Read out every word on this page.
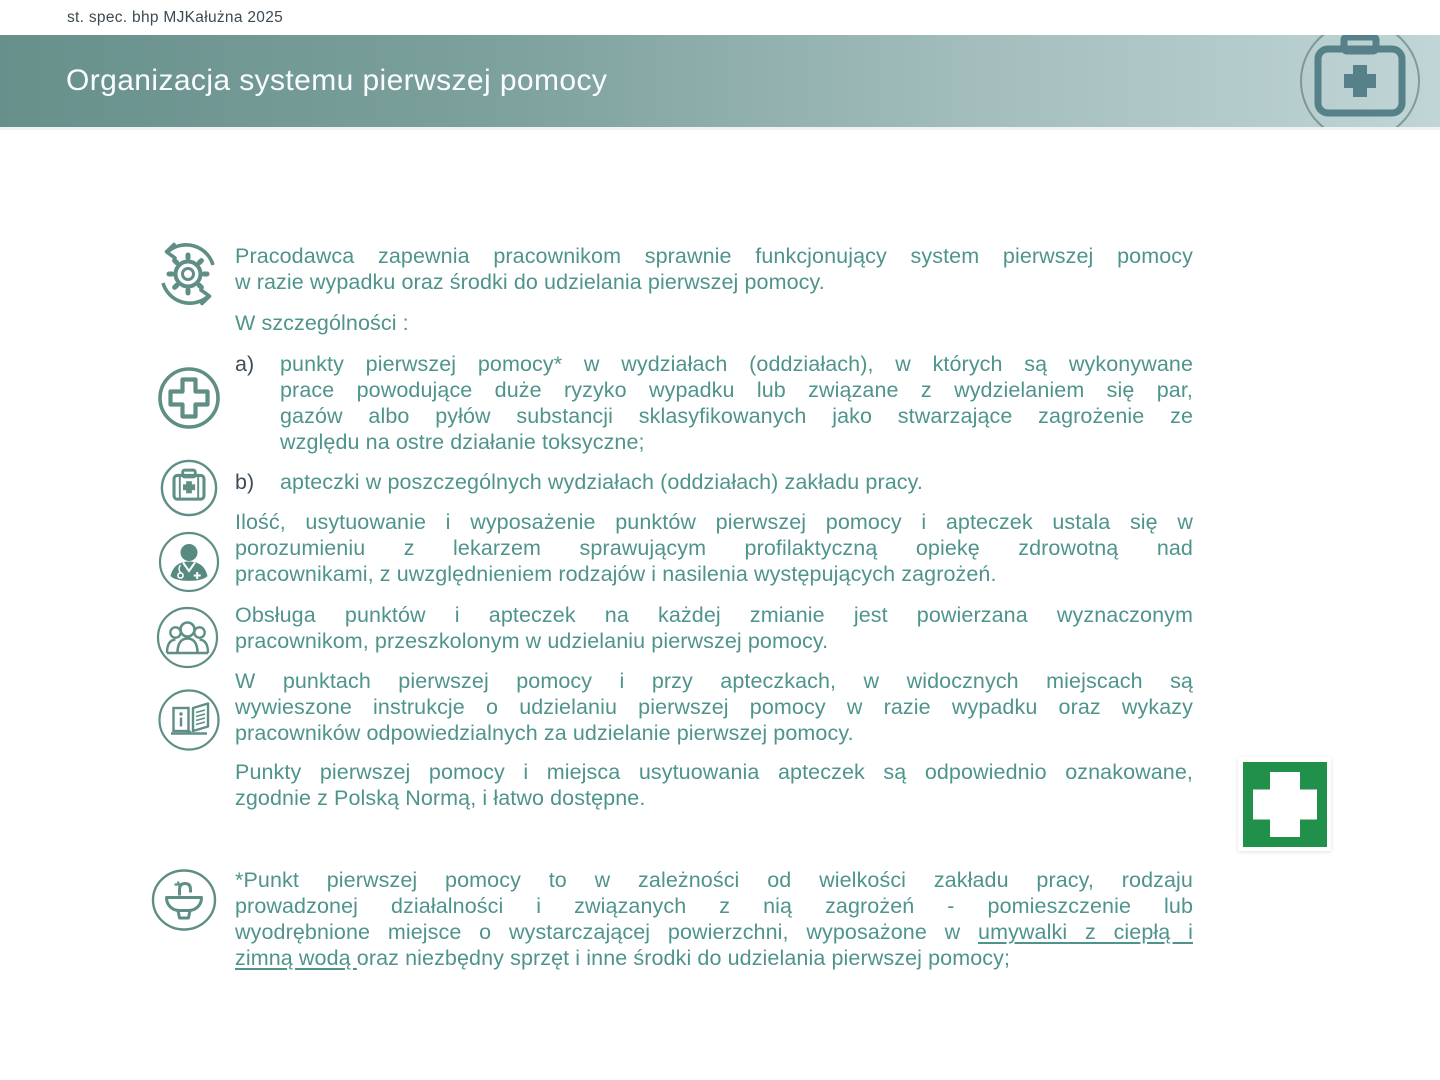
st. spec. bhp MJKałużna 2025
Organizacja systemu pierwszej pomocy
Pracodawca zapewnia pracownikom sprawnie funkcjonujący system pierwszej pomocy
w razie wypadku oraz środki do udzielania pierwszej pomocy.
W szczególności :
a)	punkty pierwszej pomocy* w wydziałach (oddziałach), w których są wykonywane
prace powodujące duże ryzyko wypadku lub związane z wydzielaniem się par,
gazów albo pyłów substancji sklasyfikowanych jako stwarzające zagrożenie ze
względu na ostre działanie toksyczne;
b)	apteczki w poszczególnych wydziałach (oddziałach) zakładu pracy.
Ilość, usytuowanie i wyposażenie punktów pierwszej pomocy i apteczek ustala się w
porozumieniu z lekarzem sprawującym profilaktyczną opiekę zdrowotną nad
pracownikami, z uwzględnieniem rodzajów i nasilenia występujących zagrożeń.
Obsługa punktów i apteczek na każdej zmianie jest powierzana wyznaczonym
pracownikom, przeszkolonym w udzielaniu pierwszej pomocy.
W punktach pierwszej pomocy i przy apteczkach, w widocznych miejscach są
wywieszone instrukcje o udzielaniu pierwszej pomocy w razie wypadku oraz wykazy
pracowników odpowiedzialnych za udzielanie pierwszej pomocy.
Punkty pierwszej pomocy i miejsca usytuowania apteczek są odpowiednio oznakowane,
zgodnie z Polską Normą, i łatwo dostępne.
*Punkt pierwszej pomocy to w zależności od wielkości zakładu pracy, rodzaju
prowadzonej działalności i związanych z nią zagrożeń - pomieszczenie lub
wyodrębnione miejsce o wystarczającej powierzchni, wyposażone w umywalki z ciepłą i
zimną wodą oraz niezbędny sprzęt i inne środki do udzielania pierwszej pomocy;
